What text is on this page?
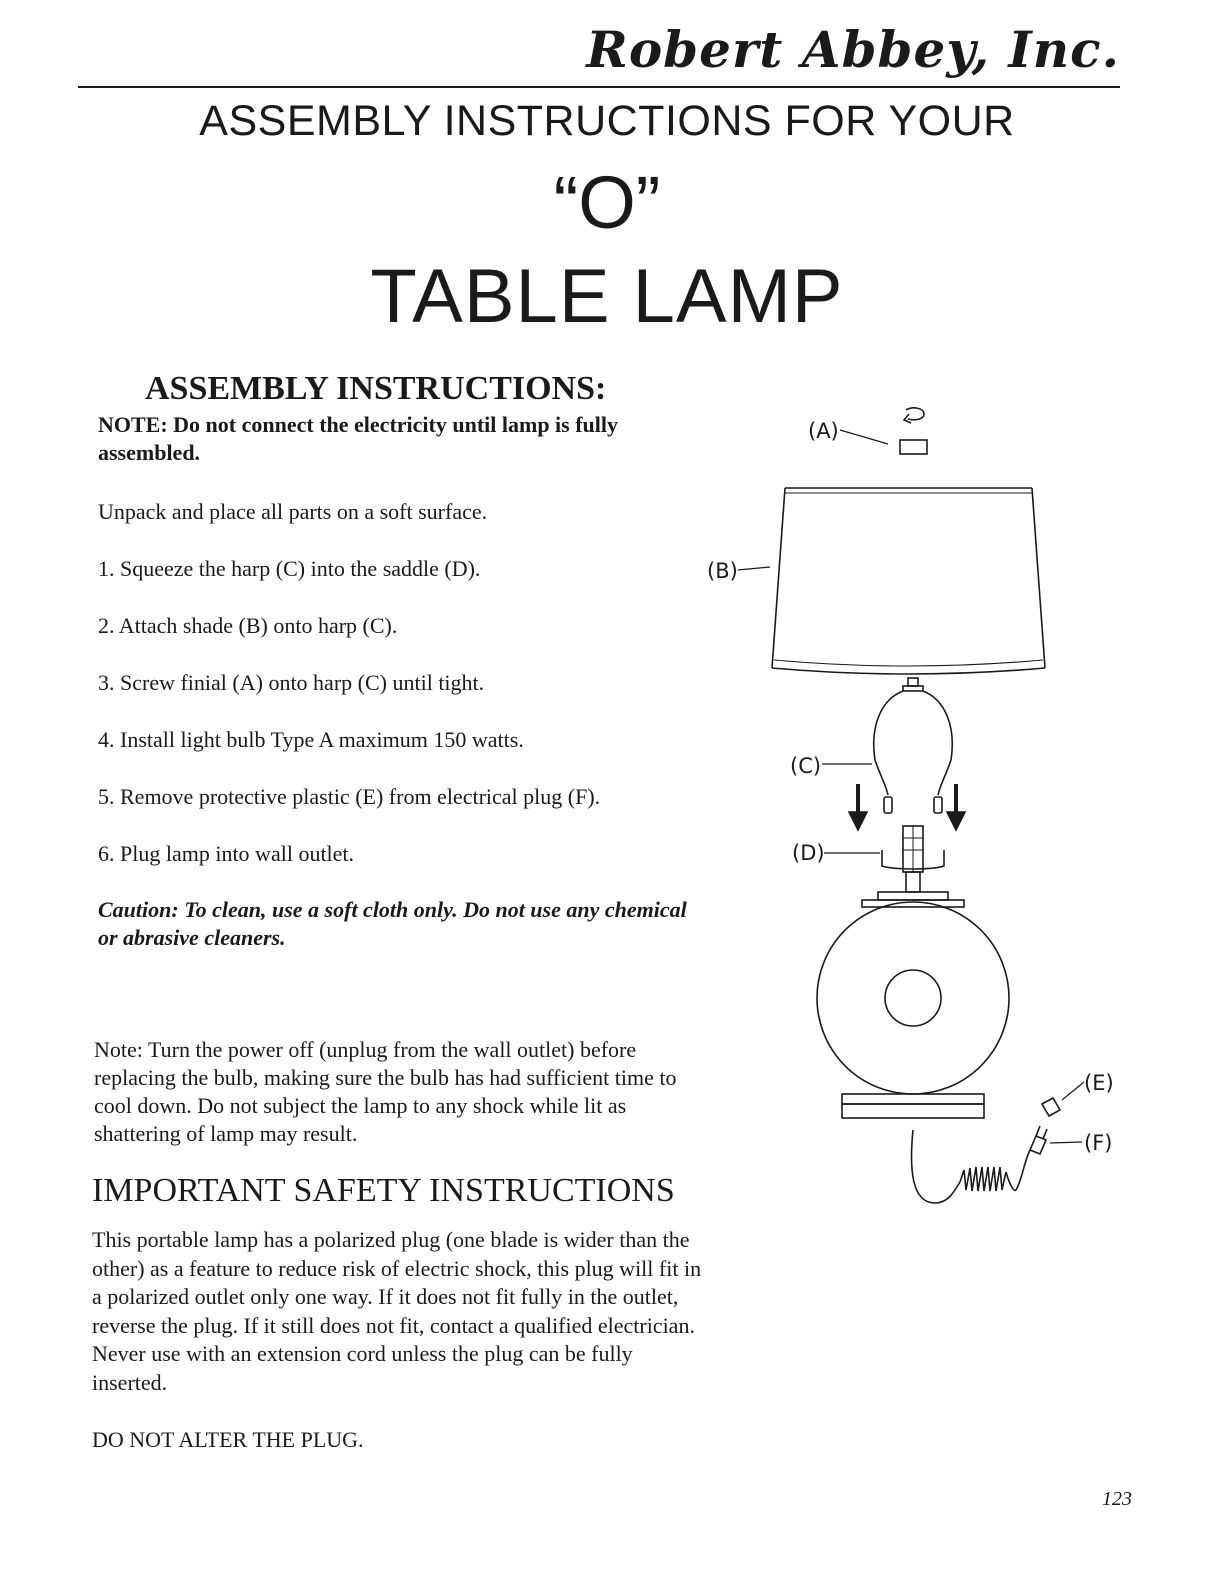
Robert Abbey, Inc.
ASSEMBLY INSTRUCTIONS FOR YOUR
“O”
TABLE LAMP
ASSEMBLY INSTRUCTIONS:
NOTE: Do not connect the electricity until lamp is fully assembled.
Unpack and place all parts on a soft surface.
1. Squeeze the harp (C) into the saddle (D).
2. Attach shade (B) onto harp (C).
3. Screw finial (A) onto harp (C) until tight.
4. Install light bulb Type A maximum 150 watts.
5. Remove protective plastic (E) from electrical plug (F).
6. Plug lamp into wall outlet.
Caution: To clean, use a soft cloth only. Do not use any chemical or abrasive cleaners.
Note: Turn the power off (unplug from the wall outlet) before replacing the bulb, making sure the bulb has had sufficient time to cool down. Do not subject the lamp to any shock while lit as shattering of lamp may result.
IMPORTANT SAFETY INSTRUCTIONS
This portable lamp has a polarized plug (one blade is wider than the other) as a feature to reduce risk of electric shock, this plug will fit in a polarized outlet only one way. If it does not fit fully in the outlet, reverse the plug. If it still does not fit, contact a qualified electrician. Never use with an extension cord unless the plug can be fully inserted.
DO NOT ALTER THE PLUG.
123
(A)
(B)
(C)
(D)
(E)
(F)
